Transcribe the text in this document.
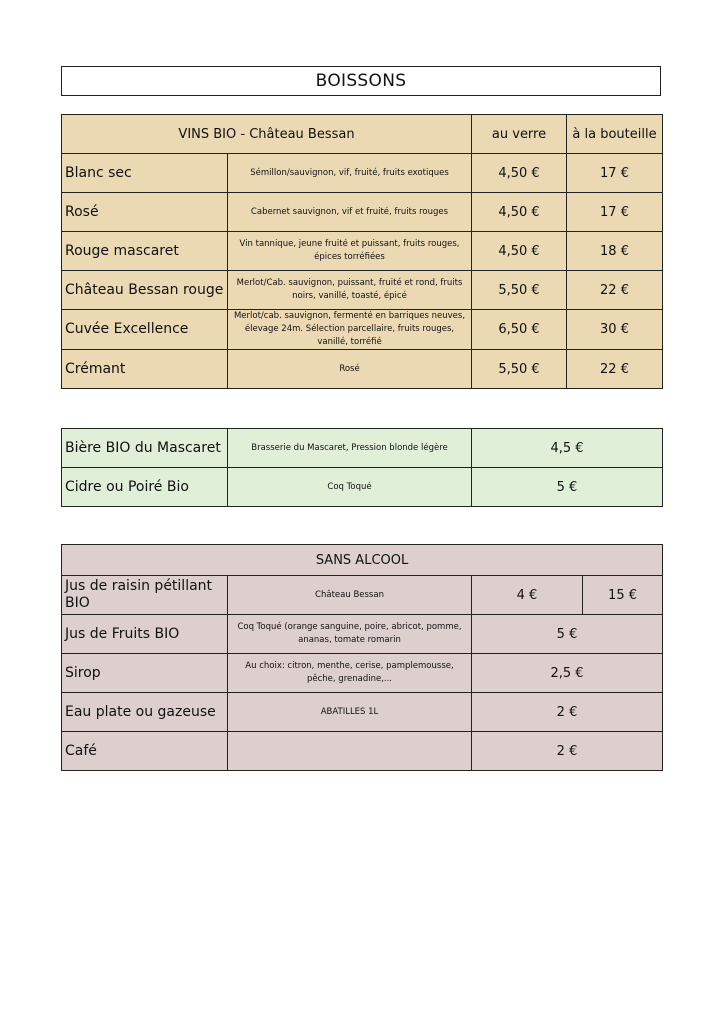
BOISSONS
VINS BIO - Château Bessan		au verre	à la bouteille
Blanc sec	Sémillon/sauvignon, vif, fruité, fruits exotiques	4,50 €	17 €
Rosé	Cabernet sauvignon, vif et fruité, fruits rouges	4,50 €	17 €
Rouge mascaret	Vin tannique, jeune fruité et puissant, fruits rouges, épices torréfiées	4,50 €	18 €
Château Bessan rouge	Merlot/Cab. sauvignon, puissant, fruité et rond, fruits noirs, vanillé, toasté, épicé	5,50 €	22 €
Cuvée Excellence	Merlot/cab. sauvignon, fermenté en barriques neuves, élevage 24m. Sélection parcellaire, fruits rouges, vanillé, torréfié	6,50 €	30 €
Crémant	Rosé	5,50 €	22 €
Bière BIO du Mascaret	Brasserie du Mascaret, Pression blonde légère	4,5 €
Cidre ou Poiré Bio	Coq Toqué	5 €
SANS ALCOOL			
Jus de raisin pétillant BIO	Château Bessan	4 €	15 €
Jus de Fruits BIO	Coq Toqué (orange sanguine, poire, abricot, pomme, ananas, tomate romarin	5 €	
Sirop	Au choix: citron, menthe, cerise, pamplemousse, pêche, grenadine,...	2,5 €	
Eau plate ou gazeuse	ABATILLES 1L	2 €	
Café		2 €	
